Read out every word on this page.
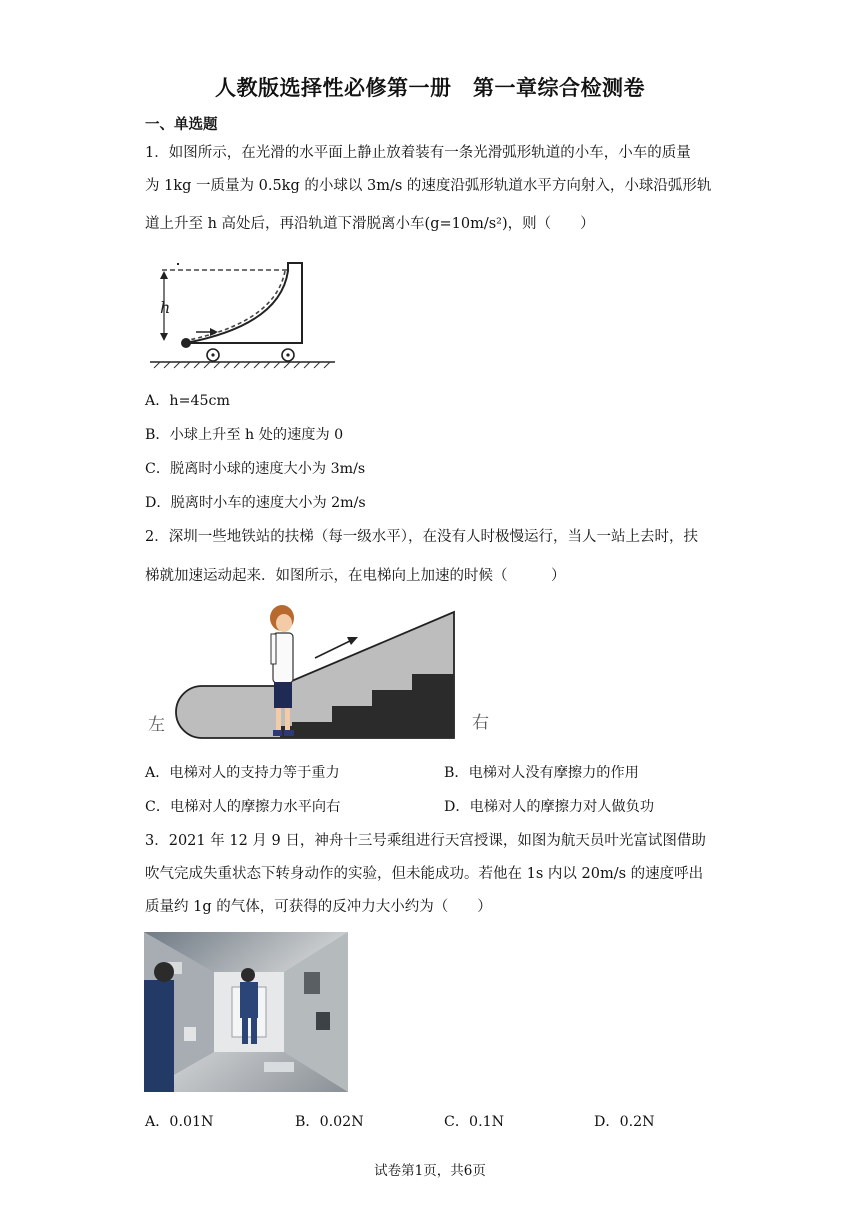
人教版选择性必修第一册　第一章综合检测卷
一、单选题
1．如图所示，在光滑的水平面上静止放着装有一条光滑弧形轨道的小车，小车的质量
为 1kg 一质量为 0.5kg 的小球以 3m/s 的速度沿弧形轨道水平方向射入，小球沿弧形轨
道上升至 h 高处后，再沿轨道下滑脱离小车(g=10m/s²)，则（　　）
h
A．h=45cm
B．小球上升至 h 处的速度为 0
C．脱离时小球的速度大小为 3m/s
D．脱离时小车的速度大小为 2m/s
2．深圳一些地铁站的扶梯（每一级水平），在没有人时极慢运行，当人一站上去时，扶
梯就加速运动起来．如图所示，在电梯向上加速的时候（　　　）
左	右
A．电梯对人的支持力等于重力	B．电梯对人没有摩擦力的作用
C．电梯对人的摩擦力水平向右	D．电梯对人的摩擦力对人做负功
3．2021 年 12 月 9 日，神舟十三号乘组进行天宫授课，如图为航天员叶光富试图借助
吹气完成失重状态下转身动作的实验，但未能成功。若他在 1s 内以 20m/s 的速度呼出
质量约 1g 的气体，可获得的反冲力大小约为（　　）
A．0.01N	B．0.02N	C．0.1N	D．0.2N
试卷第1页，共6页
